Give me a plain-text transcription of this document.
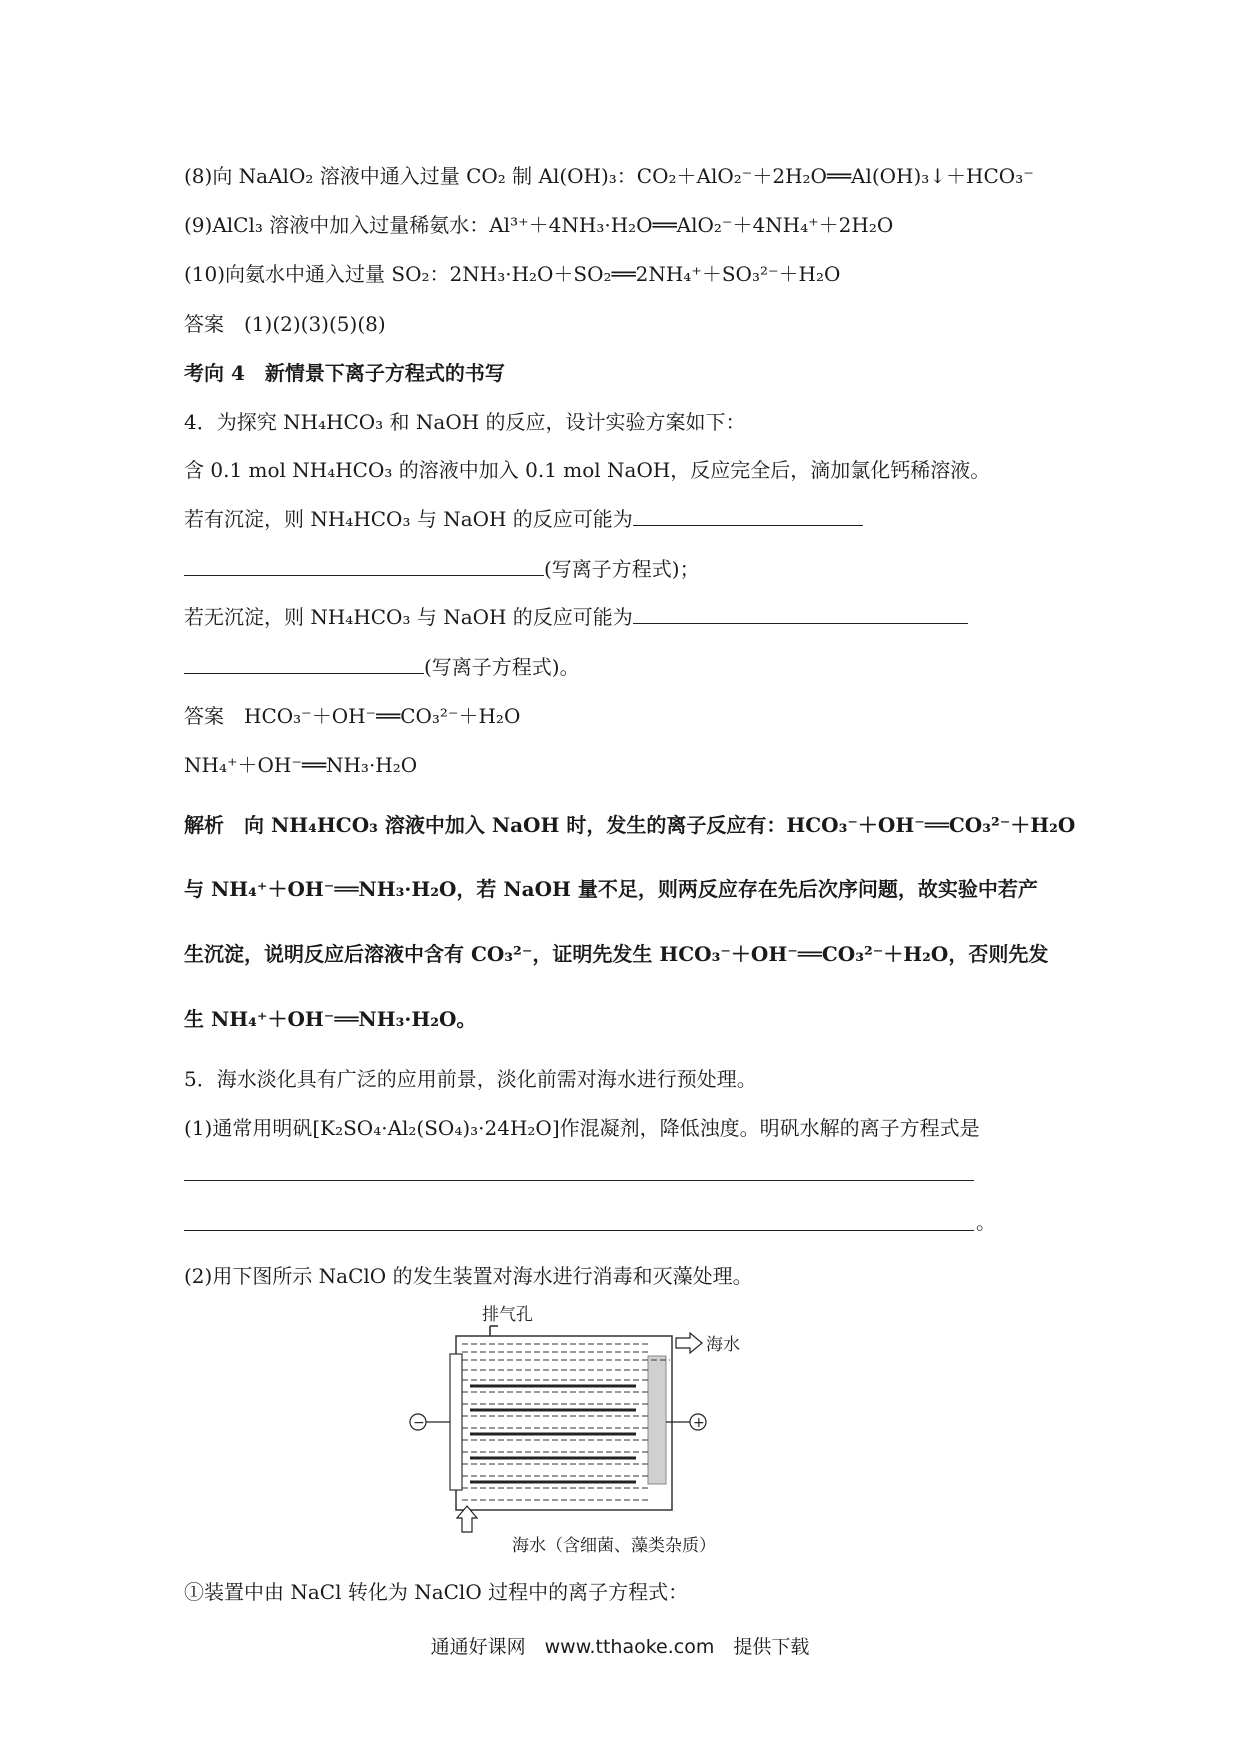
(8)向 NaAlO₂ 溶液中通入过量 CO₂ 制 Al(OH)₃：CO₂＋AlO₂⁻＋2H₂O══Al(OH)₃↓＋HCO₃⁻
(9)AlCl₃ 溶液中加入过量稀氨水：Al³⁺＋4NH₃·H₂O══AlO₂⁻＋4NH₄⁺＋2H₂O
(10)向氨水中通入过量 SO₂：2NH₃·H₂O＋SO₂══2NH₄⁺＋SO₃²⁻＋H₂O
答案　(1)(2)(3)(5)(8)
考向 4　新情景下离子方程式的书写
4．为探究 NH₄HCO₃ 和 NaOH 的反应，设计实验方案如下：
含 0.1 mol NH₄HCO₃ 的溶液中加入 0.1 mol NaOH，反应完全后，滴加氯化钙稀溶液。
若有沉淀，则 NH₄HCO₃ 与 NaOH 的反应可能为
(写离子方程式)；
若无沉淀，则 NH₄HCO₃ 与 NaOH 的反应可能为
(写离子方程式)。
答案　HCO₃⁻＋OH⁻══CO₃²⁻＋H₂O
NH₄⁺＋OH⁻══NH₃·H₂O
解析　向 NH₄HCO₃ 溶液中加入 NaOH 时，发生的离子反应有：HCO₃⁻＋OH⁻══CO₃²⁻＋H₂O
与 NH₄⁺＋OH⁻══NH₃·H₂O，若 NaOH 量不足，则两反应存在先后次序问题，故实验中若产
生沉淀，说明反应后溶液中含有 CO₃²⁻，证明先发生 HCO₃⁻＋OH⁻══CO₃²⁻＋H₂O，否则先发
生 NH₄⁺＋OH⁻══NH₃·H₂O。
5．海水淡化具有广泛的应用前景，淡化前需对海水进行预处理。
(1)通常用明矾[K₂SO₄·Al₂(SO₄)₃·24H₂O]作混凝剂，降低浊度。明矾水解的离子方程式是
。
(2)用下图所示 NaClO 的发生装置对海水进行消毒和灭藻处理。
排气孔
−	+
海水
海水（含细菌、藻类杂质）
①装置中由 NaCl 转化为 NaClO 过程中的离子方程式：
通通好课网　www.tthaoke.com　提供下载
